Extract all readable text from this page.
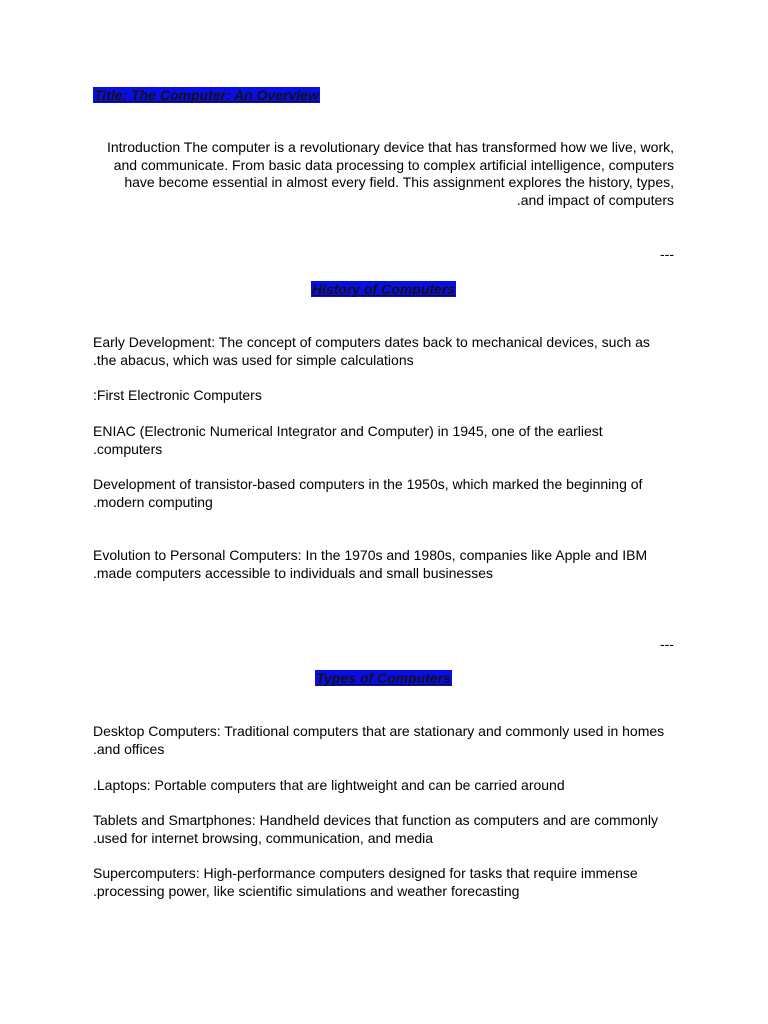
Title: The Computer: An Overview

Introduction The computer is a revolutionary device that has transformed how we live, work,

and communicate. From basic data processing to complex artificial intelligence, computers

have become essential in almost every field. This assignment explores the history, types,

.and impact of computers

---
History of Computers

Early Development: The concept of computers dates back to mechanical devices, such as

.the abacus, which was used for simple calculations

:First Electronic Computers

ENIAC (Electronic Numerical Integrator and Computer) in 1945, one of the earliest

.computers

Development of transistor-based computers in the 1950s, which marked the beginning of

.modern computing

Evolution to Personal Computers: In the 1970s and 1980s, companies like Apple and IBM

.made computers accessible to individuals and small businesses

---
Types of Computers

Desktop Computers: Traditional computers that are stationary and commonly used in homes

.and offices

.Laptops: Portable computers that are lightweight and can be carried around

Tablets and Smartphones: Handheld devices that function as computers and are commonly

.used for internet browsing, communication, and media

Supercomputers: High-performance computers designed for tasks that require immense

.processing power, like scientific simulations and weather forecasting
